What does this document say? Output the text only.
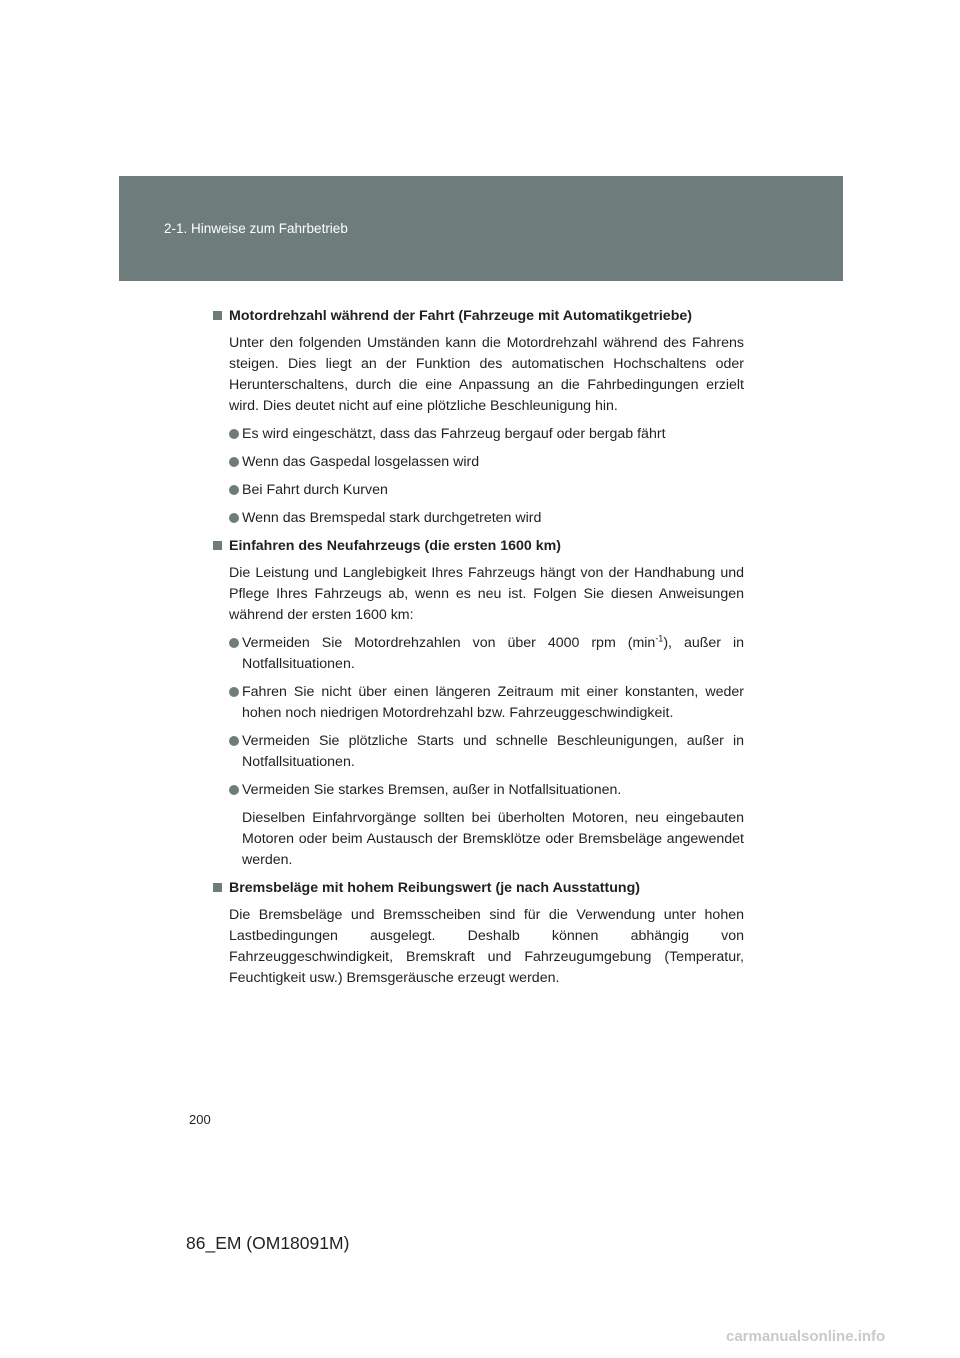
2-1. Hinweise zum Fahrbetrieb
Motordrehzahl während der Fahrt (Fahrzeuge mit Automatikgetriebe)
Unter den folgenden Umständen kann die Motordrehzahl während des Fahrens steigen. Dies liegt an der Funktion des automatischen Hochschaltens oder Herunterschaltens, durch die eine Anpassung an die Fahrbedingungen erzielt wird. Dies deutet nicht auf eine plötzliche Beschleunigung hin.
Es wird eingeschätzt, dass das Fahrzeug bergauf oder bergab fährt
Wenn das Gaspedal losgelassen wird
Bei Fahrt durch Kurven
Wenn das Bremspedal stark durchgetreten wird
Einfahren des Neufahrzeugs (die ersten 1600 km)
Die Leistung und Langlebigkeit Ihres Fahrzeugs hängt von der Handhabung und Pflege Ihres Fahrzeugs ab, wenn es neu ist. Folgen Sie diesen Anweisungen während der ersten 1600 km:
Vermeiden Sie Motordrehzahlen von über 4000 rpm $(\min^{-1})$, außer in Notfallsituationen.
Fahren Sie nicht über einen längeren Zeitraum mit einer konstanten, weder hohen noch niedrigen Motordrehzahl bzw. Fahrzeuggeschwindigkeit.
Vermeiden Sie plötzliche Starts und schnelle Beschleunigungen, außer in Notfallsituationen.
Vermeiden Sie starkes Bremsen, außer in Notfallsituationen.
Dieselben Einfahrvorgänge sollten bei überholten Motoren, neu eingebauten Motoren oder beim Austausch der Bremsklötze oder Bremsbeläge angewendet werden.
Bremsbeläge mit hohem Reibungswert (je nach Ausstattung)
Die Bremsbeläge und Bremsscheiben sind für die Verwendung unter hohen Lastbedingungen ausgelegt. Deshalb können abhängig von Fahrzeuggeschwindigkeit, Bremskraft und Fahrzeugumgebung (Temperatur, Feuchtigkeit usw.) Bremsgeräusche erzeugt werden.
200
86_EM (OM18091M)
carmanualsonline.info
